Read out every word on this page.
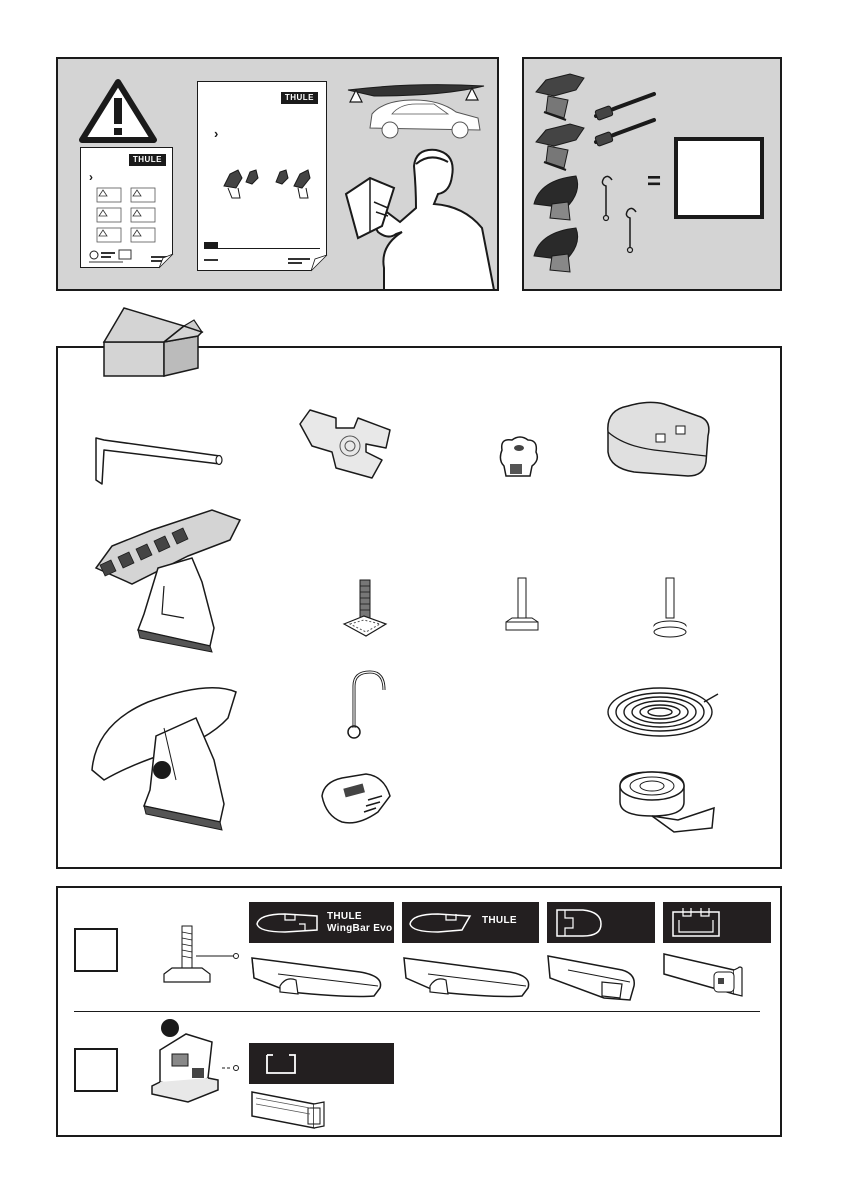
THULE
›
THULE
›
=
THULE
WingBar Evo
THULE
